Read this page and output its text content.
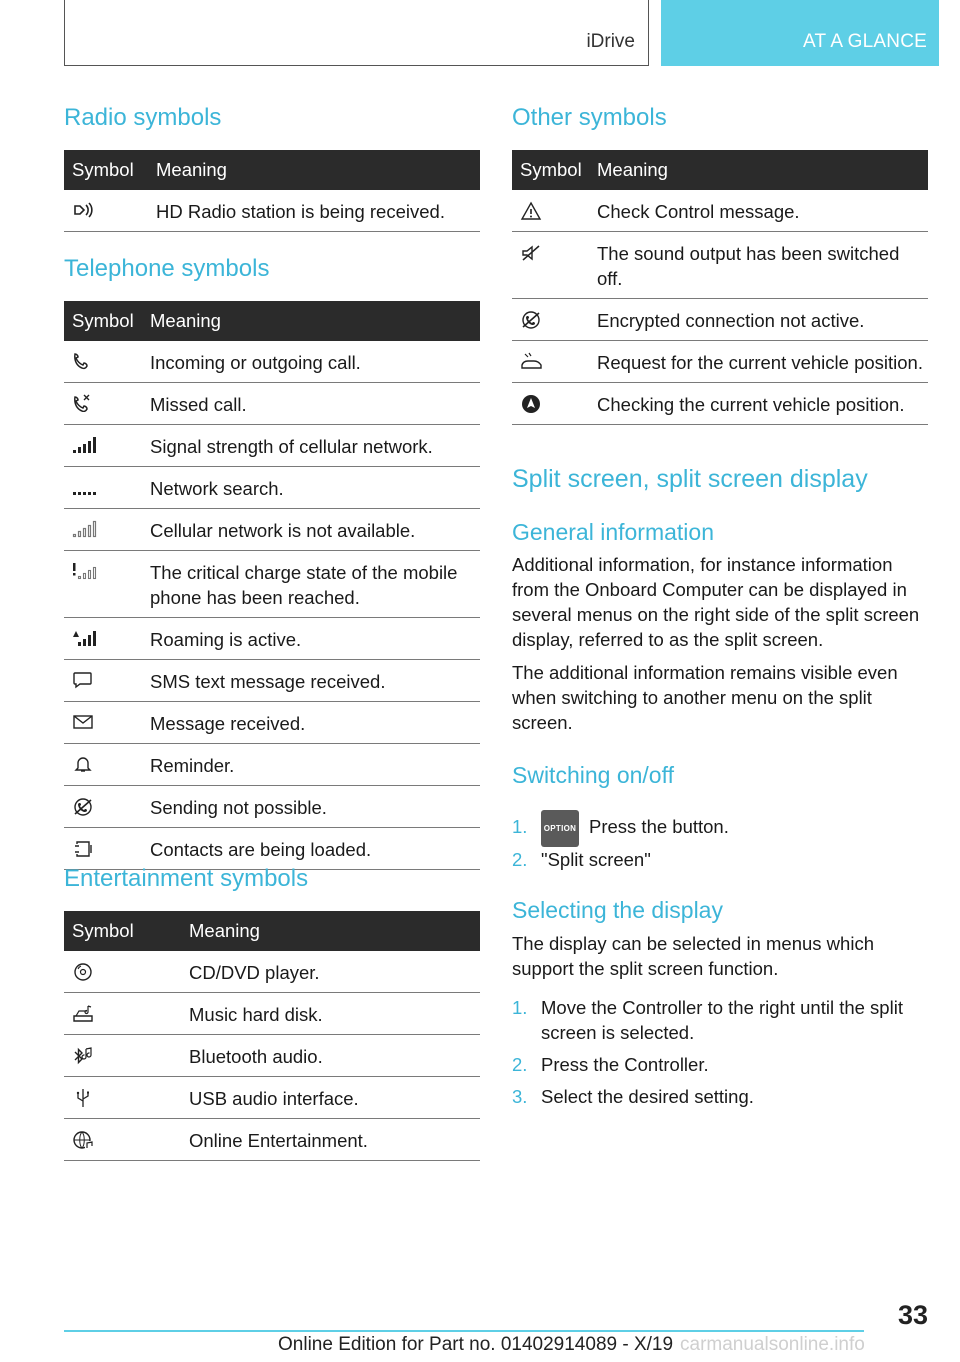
iDrive	AT A GLANCE
Radio symbols
Symbol	Meaning

	HD Radio station is being received.
Telephone symbols
Symbol	Meaning

	Incoming or outgoing call.

	Missed call.

	Signal strength of cellular network.

	Network search.

	Cellular network is not available.

	The critical charge state of the mobile phone has been reached.

	Roaming is active.

	SMS text message received.

	Message received.

	Reminder.

	Sending not possible.

	Contacts are being loaded.
Entertainment symbols
Symbol	Meaning

	CD/DVD player.

	Music hard disk.

	Bluetooth audio.

	USB audio interface.

	Online Entertainment.
Other symbols
Symbol	Meaning

	Check Control message.

	The sound output has been switched off.

	Encrypted connection not active.

	Request for the current vehicle position.

	Checking the current vehicle position.
Split screen, split screen display
General information

Additional information, for instance information from the Onboard Computer can be displayed in several menus on the right side of the split screen display, referred to as the split screen.

The additional information remains visible even when switching to another menu on the split screen.

Switching on/off
1. OPTION Press the button.
2. "Split screen"
Selecting the display

The display can be selected in menus which support the split screen function.

1. Move the Controller to the right until the split screen is selected.
2. Press the Controller.
3. Select the desired setting.
33
Online Edition for Part no. 01402914089 - X/19 carmanualsonline.info
